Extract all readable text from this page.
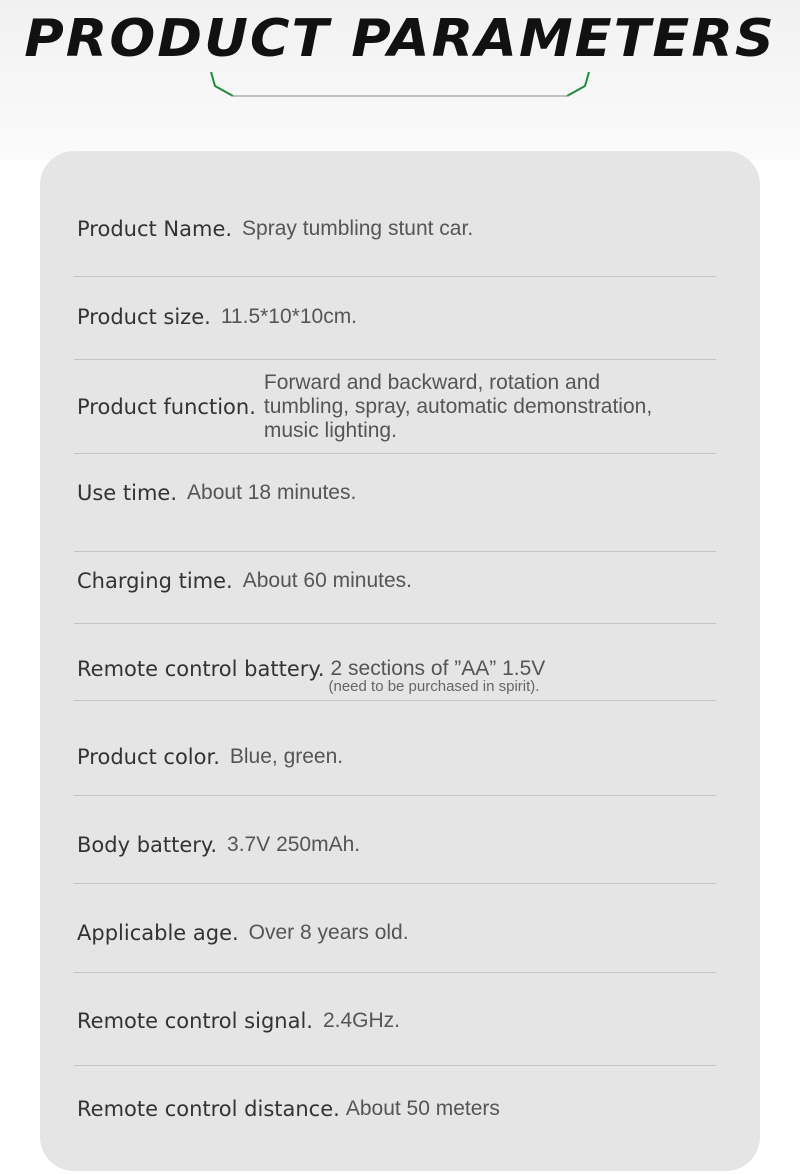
PRODUCT PARAMETERS
Product Name. Spray tumbling stunt car.
Product size. 11.5*10*10cm.
Product function.
Forward and backward, rotation and
tumbling, spray, automatic demonstration,
music lighting.
Use time. About 18 minutes.
Charging time. About 60 minutes.
Remote control battery. 2 sections of ”AA” 1.5V
(need to be purchased in spirit).
Product color. Blue, green.
Body battery. 3.7V 250mAh.
Applicable age. Over 8 years old.
Remote control signal. 2.4GHz.
Remote control distance. About 50 meters
